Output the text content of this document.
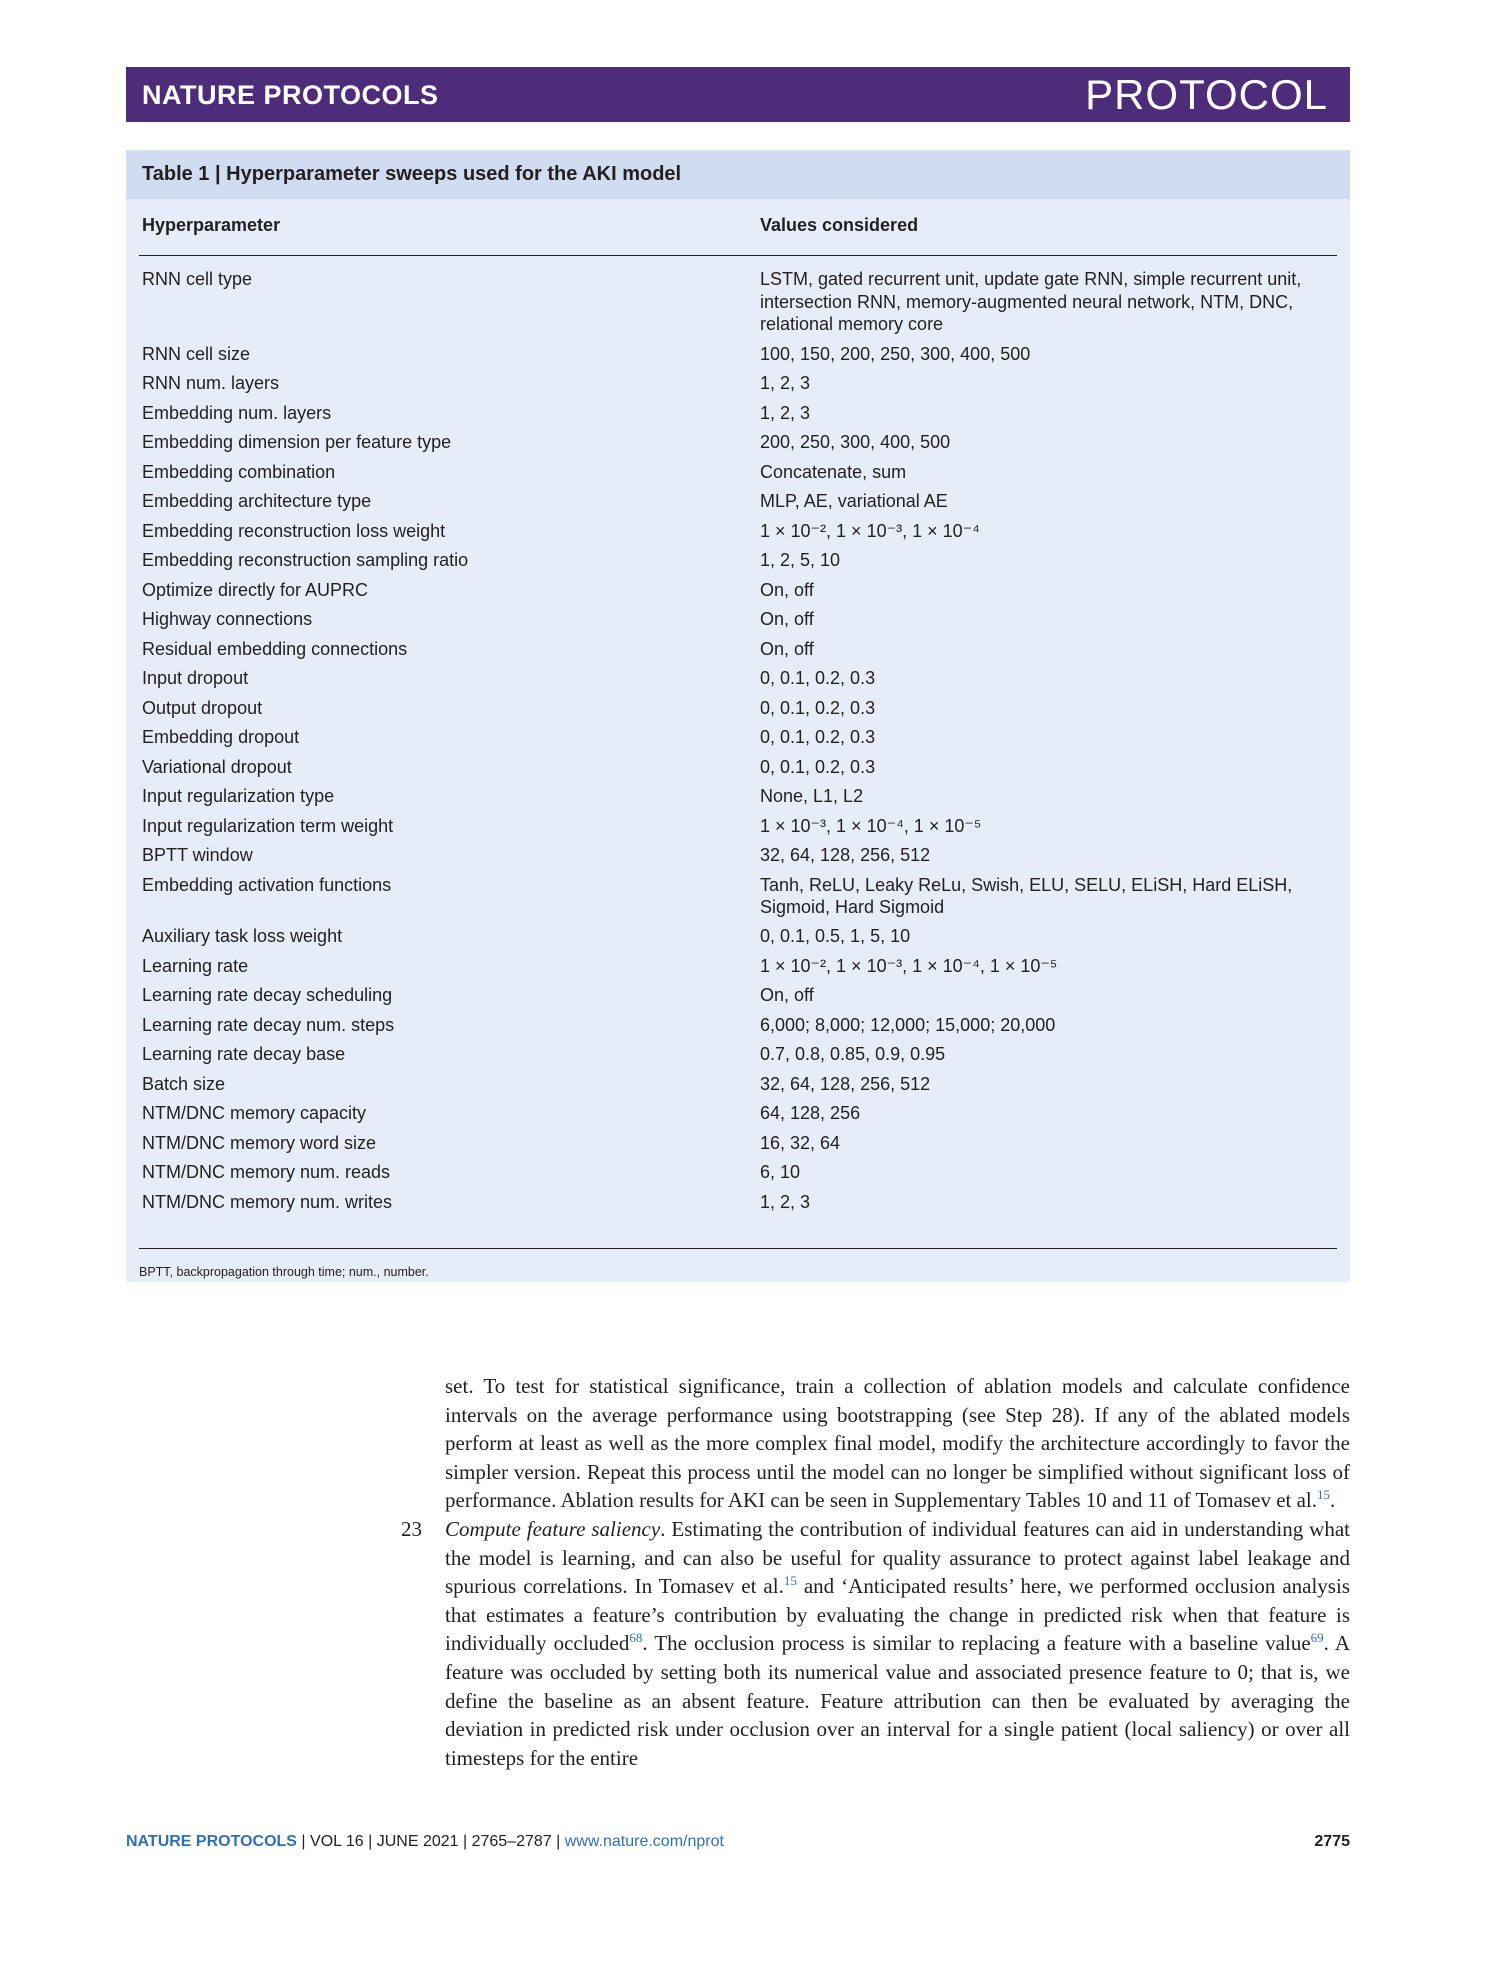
NATURE PROTOCOLS	PROTOCOL
Table 1 | Hyperparameter sweeps used for the AKI model
Hyperparameter	Values considered
RNN cell type	LSTM, gated recurrent unit, update gate RNN, simple recurrent unit, intersection RNN, memory-augmented neural network, NTM, DNC, relational memory core
RNN cell size	100, 150, 200, 250, 300, 400, 500
RNN num. layers	1, 2, 3
Embedding num. layers	1, 2, 3
Embedding dimension per feature type	200, 250, 300, 400, 500
Embedding combination	Concatenate, sum
Embedding architecture type	MLP, AE, variational AE
Embedding reconstruction loss weight	1 × 10⁻², 1 × 10⁻³, 1 × 10⁻⁴
Embedding reconstruction sampling ratio	1, 2, 5, 10
Optimize directly for AUPRC	On, off
Highway connections	On, off
Residual embedding connections	On, off
Input dropout	0, 0.1, 0.2, 0.3
Output dropout	0, 0.1, 0.2, 0.3
Embedding dropout	0, 0.1, 0.2, 0.3
Variational dropout	0, 0.1, 0.2, 0.3
Input regularization type	None, L1, L2
Input regularization term weight	1 × 10⁻³, 1 × 10⁻⁴, 1 × 10⁻⁵
BPTT window	32, 64, 128, 256, 512
Embedding activation functions	Tanh, ReLU, Leaky ReLu, Swish, ELU, SELU, ELiSH, Hard ELiSH, Sigmoid, Hard Sigmoid
Auxiliary task loss weight	0, 0.1, 0.5, 1, 5, 10
Learning rate	1 × 10⁻², 1 × 10⁻³, 1 × 10⁻⁴, 1 × 10⁻⁵
Learning rate decay scheduling	On, off
Learning rate decay num. steps	6,000; 8,000; 12,000; 15,000; 20,000
Learning rate decay base	0.7, 0.8, 0.85, 0.9, 0.95
Batch size	32, 64, 128, 256, 512
NTM/DNC memory capacity	64, 128, 256
NTM/DNC memory word size	16, 32, 64
NTM/DNC memory num. reads	6, 10
NTM/DNC memory num. writes	1, 2, 3
BPTT, backpropagation through time; num., number.

set. To test for statistical significance, train a collection of ablation models and calculate confidence intervals on the average performance using bootstrapping (see Step 28). If any of the ablated models perform at least as well as the more complex final model, modify the architecture accordingly to favor the simpler version. Repeat this process until the model can no longer be simplified without significant loss of performance. Ablation results for AKI can be seen in Supplementary Tables 10 and 11 of Tomasev et al.$^{15}$.

23 Compute feature saliency. Estimating the contribution of individual features can aid in understanding what the model is learning, and can also be useful for quality assurance to protect against label leakage and spurious correlations. In Tomasev et al.$^{15}$ and ‘Anticipated results’ here, we performed occlusion analysis that estimates a feature’s contribution by evaluating the change in predicted risk when that feature is individually occluded$^{68}$. The occlusion process is similar to replacing a feature with a baseline value$^{69}$. A feature was occluded by setting both its numerical value and associated presence feature to 0; that is, we define the baseline as an absent feature. Feature attribution can then be evaluated by averaging the deviation in predicted risk under occlusion over an interval for a single patient (local saliency) or over all timesteps for the entire

NATURE PROTOCOLS | VOL 16 | JUNE 2021 | 2765–2787 | www.nature.com/nprot	2775
